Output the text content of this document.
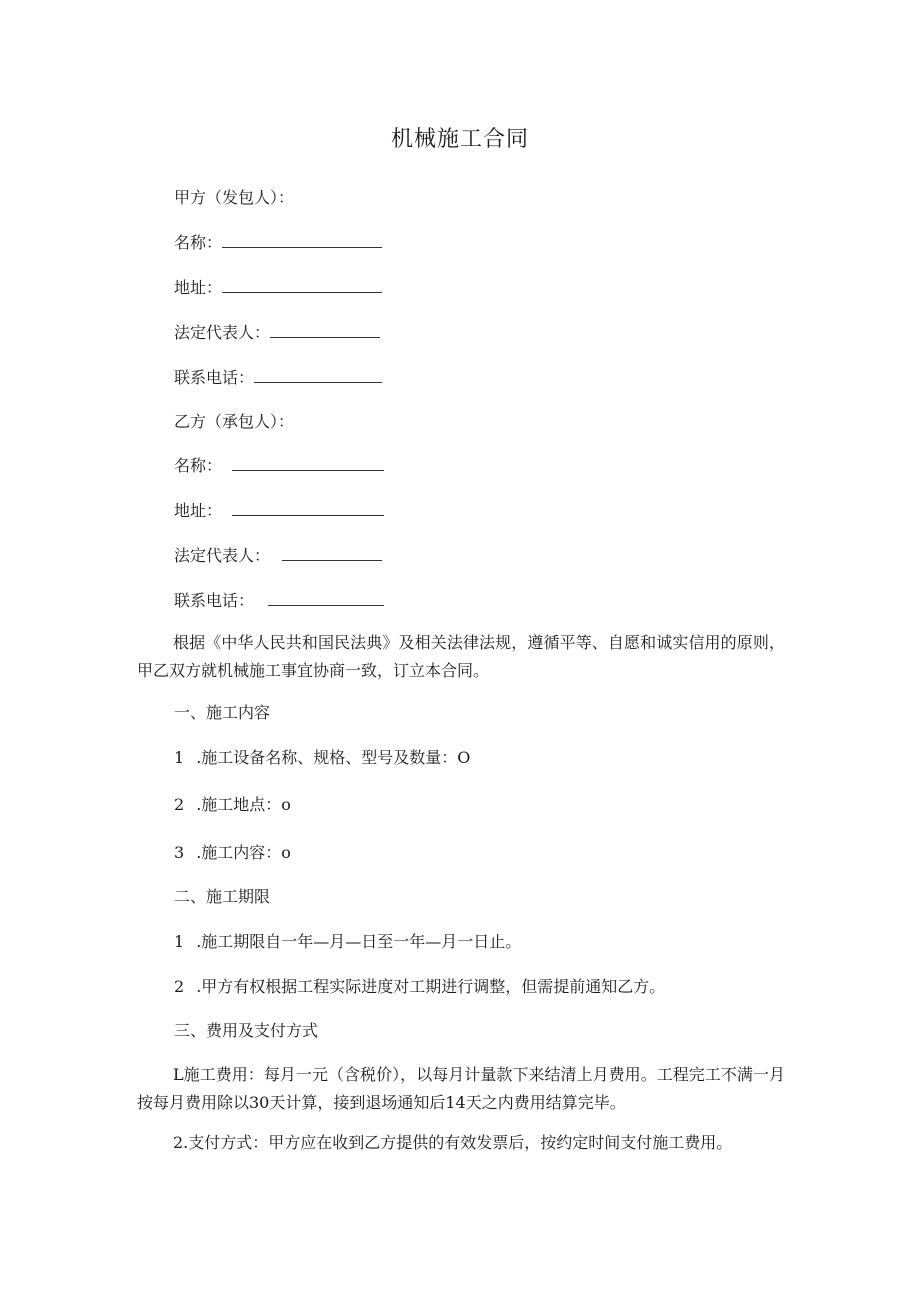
机械施工合同
甲方（发包人）：
名称：
地址：
法定代表人：
联系电话：
乙方（承包人）：
名称：
地址：
法定代表人：
联系电话：
根据《中华人民共和国民法典》及相关法律法规，遵循平等、自愿和诚实信用的原则，甲乙双方就机械施工事宜协商一致，订立本合同。
一、施工内容
1 .施工设备名称、规格、型号及数量：O
2 .施工地点：o
3 .施工内容：o
二、施工期限
1 .施工期限自一年—月—日至一年—月一日止。
2 .甲方有权根据工程实际进度对工期进行调整，但需提前通知乙方。
三、费用及支付方式
L施工费用：每月一元（含税价），以每月计量款下来结清上月费用。工程完工不满一月按每月费用除以30天计算，接到退场通知后14天之内费用结算完毕。
2.支付方式：甲方应在收到乙方提供的有效发票后，按约定时间支付施工费用。
